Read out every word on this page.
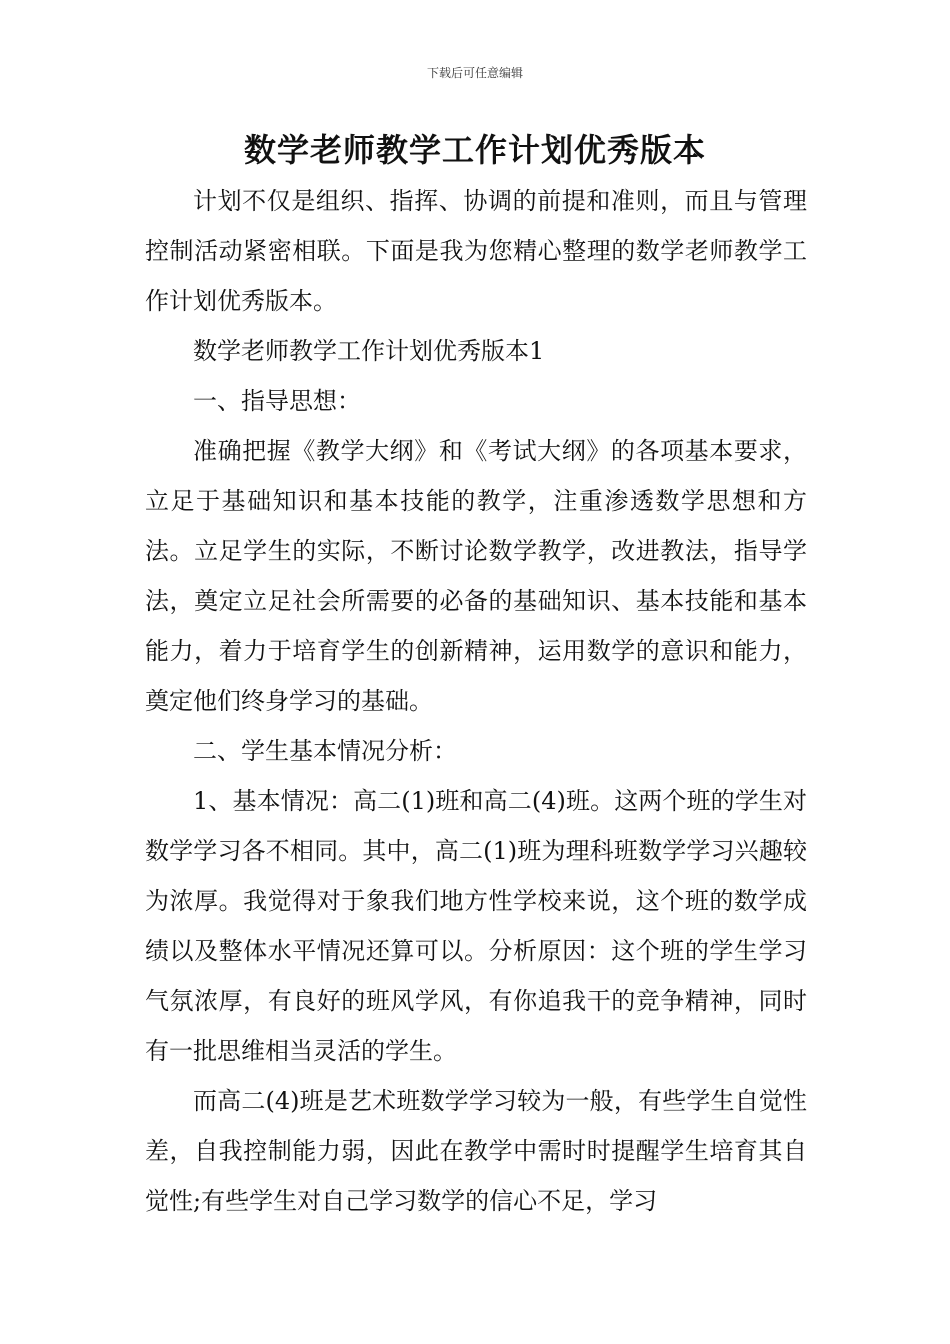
下载后可任意编辑
数学老师教学工作计划优秀版本

计划不仅是组织、指挥、协调的前提和准则，而且与管理控制活动紧密相联。下面是我为您精心整理的数学老师教学工作计划优秀版本。

数学老师教学工作计划优秀版本1

一、指导思想：

准确把握《教学大纲》和《考试大纲》的各项基本要求，立足于基础知识和基本技能的教学，注重渗透数学思想和方法。立足学生的实际，不断讨论数学教学，改进教法，指导学法，奠定立足社会所需要的必备的基础知识、基本技能和基本能力，着力于培育学生的创新精神，运用数学的意识和能力，奠定他们终身学习的基础。

二、学生基本情况分析：

1、基本情况：高二(1)班和高二(4)班。这两个班的学生对数学学习各不相同。其中，高二(1)班为理科班数学学习兴趣较为浓厚。我觉得对于象我们地方性学校来说，这个班的数学成绩以及整体水平情况还算可以。分析原因：这个班的学生学习气氛浓厚，有良好的班风学风，有你追我干的竞争精神，同时有一批思维相当灵活的学生。

而高二(4)班是艺术班数学学习较为一般，有些学生自觉性差，自我控制能力弱，因此在教学中需时时提醒学生培育其自觉性;有些学生对自己学习数学的信心不足，学习
